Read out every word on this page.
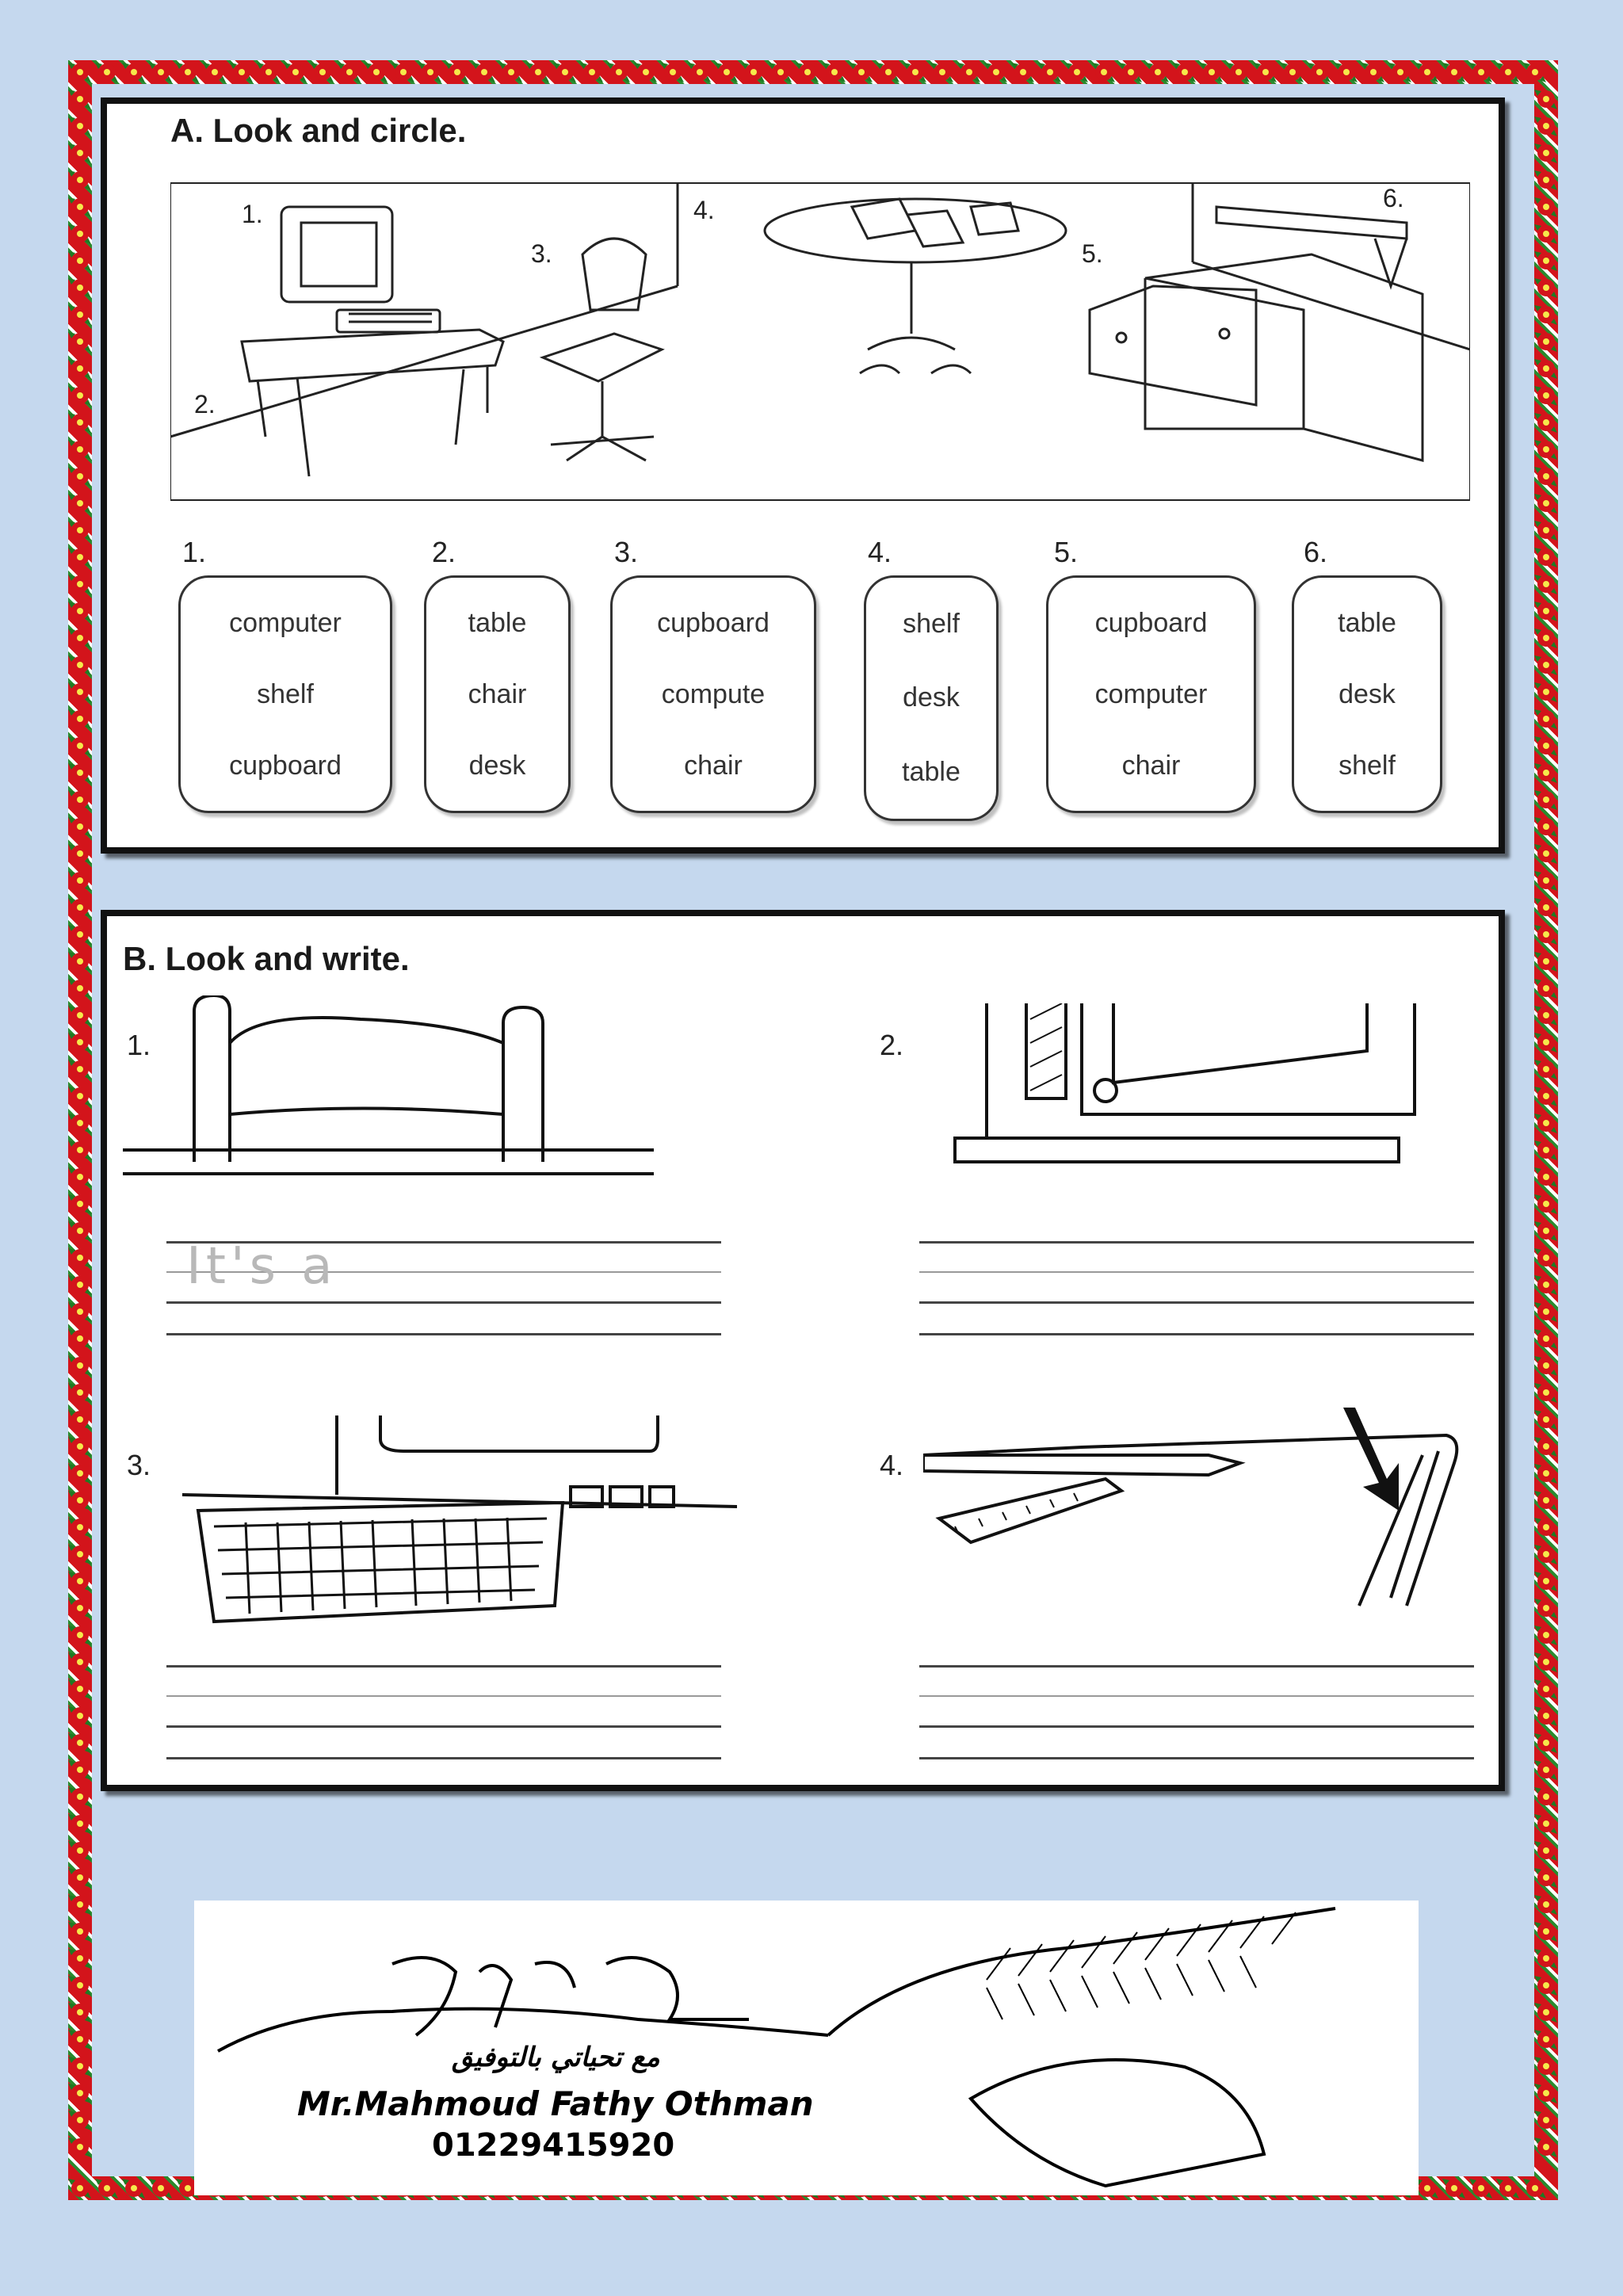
A. Look and circle.
1.
2.
3.
4.
5.
6.
1.
computer
shelf
cupboard
2.
table
chair
desk
3.
cupboard
compute
chair
4.
shelf
desk
table
5.
cupboard
computer
chair
6.
table
desk
shelf
B. Look and write.
1.
It's a
2.
3.	4.
مع تحياتي بالتوفيق
Mr.Mahmoud Fathy Othman
01229415920
